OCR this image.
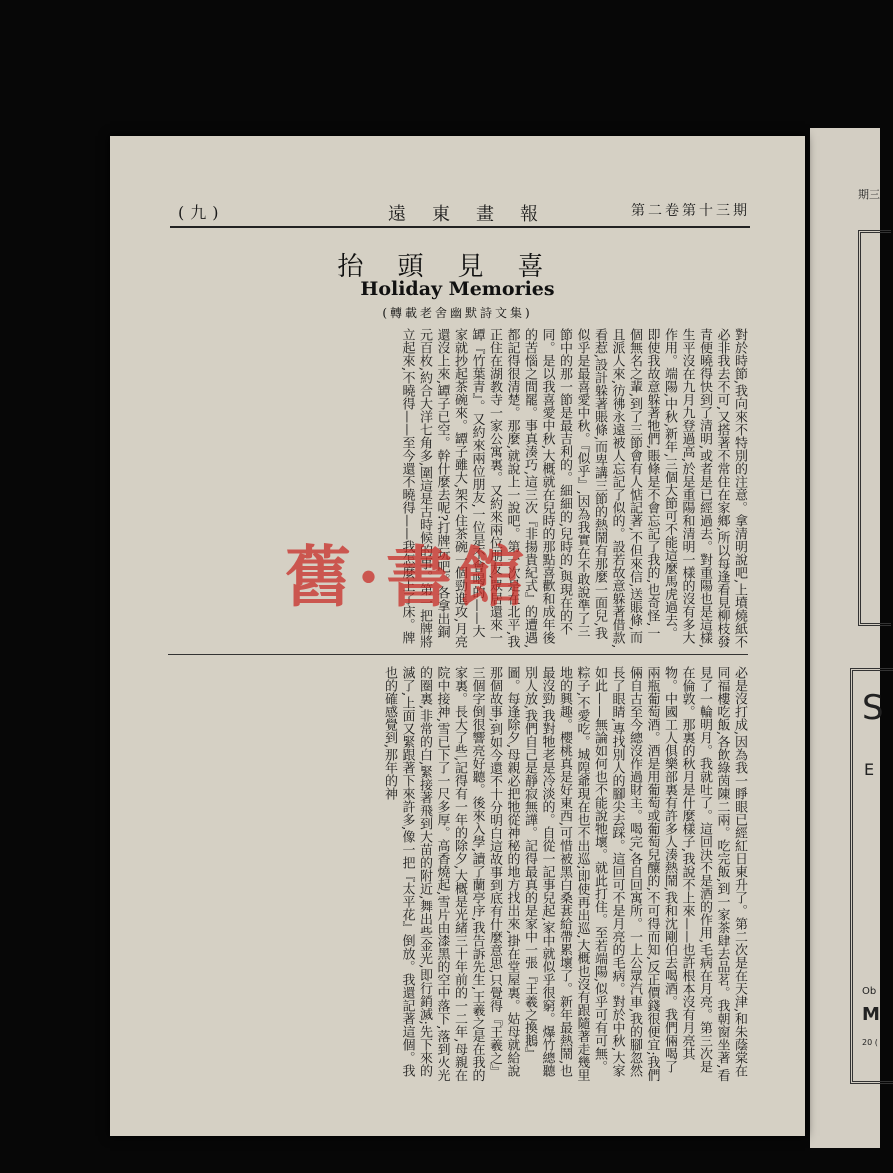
期三
S
E
Ob
M
20 (
(九)	遠東畫報	第二卷第十三期
抬頭見喜
Holiday Memories
(轉載老舍幽默詩文集)
對於時節,我向來不特別的注意。拿清明說吧,上墳燒紙不必非我去不可,又搭著不常住在家鄉,所以每逢看見柳枝發青便曉得快到了清明,或者是已經過去。對重陽也是這樣,生平沒在九月九登過高,於是重陽和清明一樣的沒有多大作用。端陽,中秋,新年,三個大節可不能這麼馬虎過去。即使我故意躲著牠們,賬條是不會忘記了我的,也奇怪,一個無名之輩,到了三節會有人惦記著,不但來信,送賬條,而且派人來,彷彿永遠被人忘記了似的。設若故意躲著借款,看惹,設計躲著賬條,而卑講三節的熱鬧有那麼一面兒,我似乎是最喜愛中秋。『似乎』,因為我實在不敢說準了三節中的那一節是最吉利的。細細的,兒時的,與現在的不同。是以我喜愛中秋,大概就在兒時的那點喜歡和成年後的苦惱之間罷。事真湊巧,這三次『非揚貴紀式』的遭遇,都記得很清楚。那麼,就說上一說吧。第一次是在北平,我正住在湖教寺一家公寓裏。又約來兩位朋友,眾居還來一罈『竹葉青』。又約來兩位朋友,一位是不會喝的——大家就抄起茶碗來。罈子雖大,架不住茶碗一個勁進攻,月亮還沒上來,罈子已空。幹什麼去呢?打牌玩吧。各拿出銅元百枚,約合大洋七角多,圍這是古時候的事。第一把牌將立起來,不曉得——至今還不曉得——我怎麼上了床。牌
必是沒打成,因為我一睜眼已經紅日東升了。第二次是在天津,和朱蔭棠在同福樓吃飯,各飲綠茵陳二兩。吃完飯,到一家茶肆去品茗。我朝窗坐著,看見了一輪明月。我就吐了。這回決不是酒的作用,毛病在月亮。第三次是在倫敦。那裏的秋月是什麼樣子,我說不上來——也許根本沒有月亮其物。中國工人俱樂部裏有許多人湊熱鬧,我和沈剛伯去喝酒。我們倆喝了兩瓶葡萄酒。酒是用葡萄或葡萄兒釀的,不可得而知,反正價錢很便宜;我們倆自古至今總沒作過財主。喝完,各自回寓所。一上公眾汽車,我的腳忽然長了眼睛,專找別人的腳尖去踩。這回可不是月亮的毛病。對於中秋,大家如此——無論如何也不能說牠壞。就此打住。至若端陽,似乎可有可無。粽子,不愛吃。城隍爺現在也不出巡;即使再出巡,大概也沒有跟隨著走幾里地的興趣。櫻桃真是好東西,可惜被黑白桑葚給帶累壞了。新年最熱鬧,也最沒勁,我對牠老是冷淡的。自從一記事兒起,家中就似乎很窮。爆竹總聽別人放,我們自己是靜寂無譁。記得最真的是家中一張『王羲之換鵝』圖。每逢除夕,母親必把牠從神秘的地方找出來,掛在堂屋裏。姑母就給說那個故事;到如今還不十分明白這故事到底有什麼意思,只覺得『王羲之』三個字倒很響亮好聽。後來入學,讀了蘭亭序,我告訴先生,王羲之是在我的家裏。長大了些,記得有一年的除夕,大概是光緒三十年前的一二年,母親在院中接神,雪已下了一尺多厚。高香燒起,雪片由漆黑的空中落下,落到火光的圈裏,非常的白,緊接著飛到大苗的附近,舞出些金光,即行銷滅;先下來的滅了,上面又緊跟著下來許多,像一把『太平花』倒放。我還記著這個。我也的確感覺到,那年的神
舊·書館
